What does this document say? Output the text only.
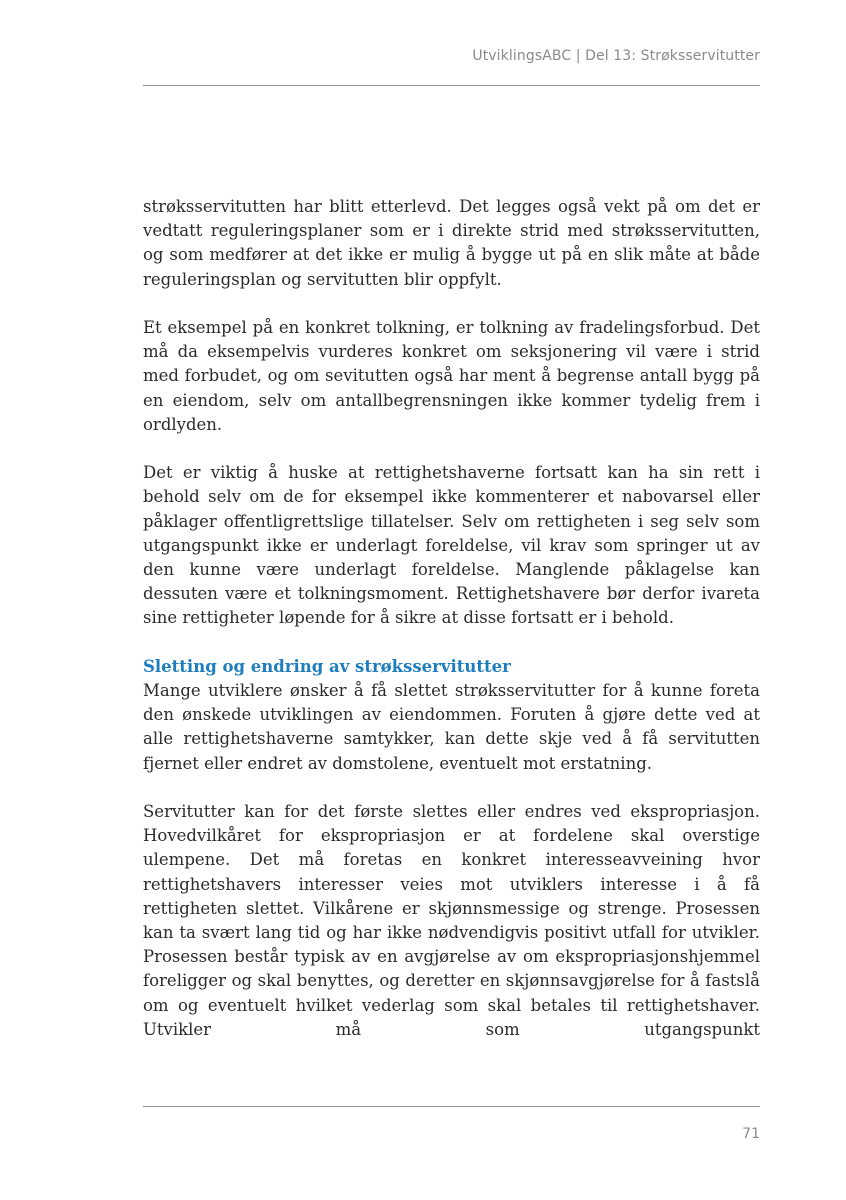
UtviklingsABC | Del 13: Strøksservitutter

strøksservitutten har blitt etterlevd. Det legges også vekt på om det er vedtatt reguleringsplaner som er i direkte strid med strøksservitutten, og som medfører at det ikke er mulig å bygge ut på en slik måte at både reguleringsplan og servitutten blir oppfylt.

Et eksempel på en konkret tolkning, er tolkning av fradelingsforbud. Det må da eksempelvis vurderes konkret om seksjonering vil være i strid med forbudet, og om sevitutten også har ment å begrense antall bygg på en eiendom, selv om antallbegrensningen ikke kommer tydelig frem i ordlyden.

Det er viktig å huske at rettighetshaverne fortsatt kan ha sin rett i behold selv om de for eksempel ikke kommenterer et nabovarsel eller påklager offentligrettslige tillatelser. Selv om rettigheten i seg selv som utgangspunkt ikke er underlagt foreldelse, vil krav som springer ut av den kunne være underlagt foreldelse. Manglende påklagelse kan dessuten være et tolkningsmoment. Rettighetshavere bør derfor ivareta sine rettigheter løpende for å sikre at disse fortsatt er i behold.

Sletting og endring av strøksservitutter

Mange utviklere ønsker å få slettet strøksservitutter for å kunne foreta den ønskede utviklingen av eiendommen. Foruten å gjøre dette ved at alle rettighetshaverne samtykker, kan dette skje ved å få servitutten fjernet eller endret av domstolene, eventuelt mot erstatning.

Servitutter kan for det første slettes eller endres ved ekspropriasjon. Hovedvilkåret for ekspropriasjon er at fordelene skal overstige ulempene. Det må foretas en konkret interesseavveining hvor rettighetshavers interesser veies mot utviklers interesse i å få rettigheten slettet. Vilkårene er skjønnsmessige og strenge. Prosessen kan ta svært lang tid og har ikke nødvendigvis positivt utfall for utvikler. Prosessen består typisk av en avgjørelse av om ekspropriasjonshjemmel foreligger og skal benyttes, og deretter en skjønnsavgjørelse for å fastslå om og eventuelt hvilket vederlag som skal betales til rettighetshaver. Utvikler må som utgangspunkt

71
